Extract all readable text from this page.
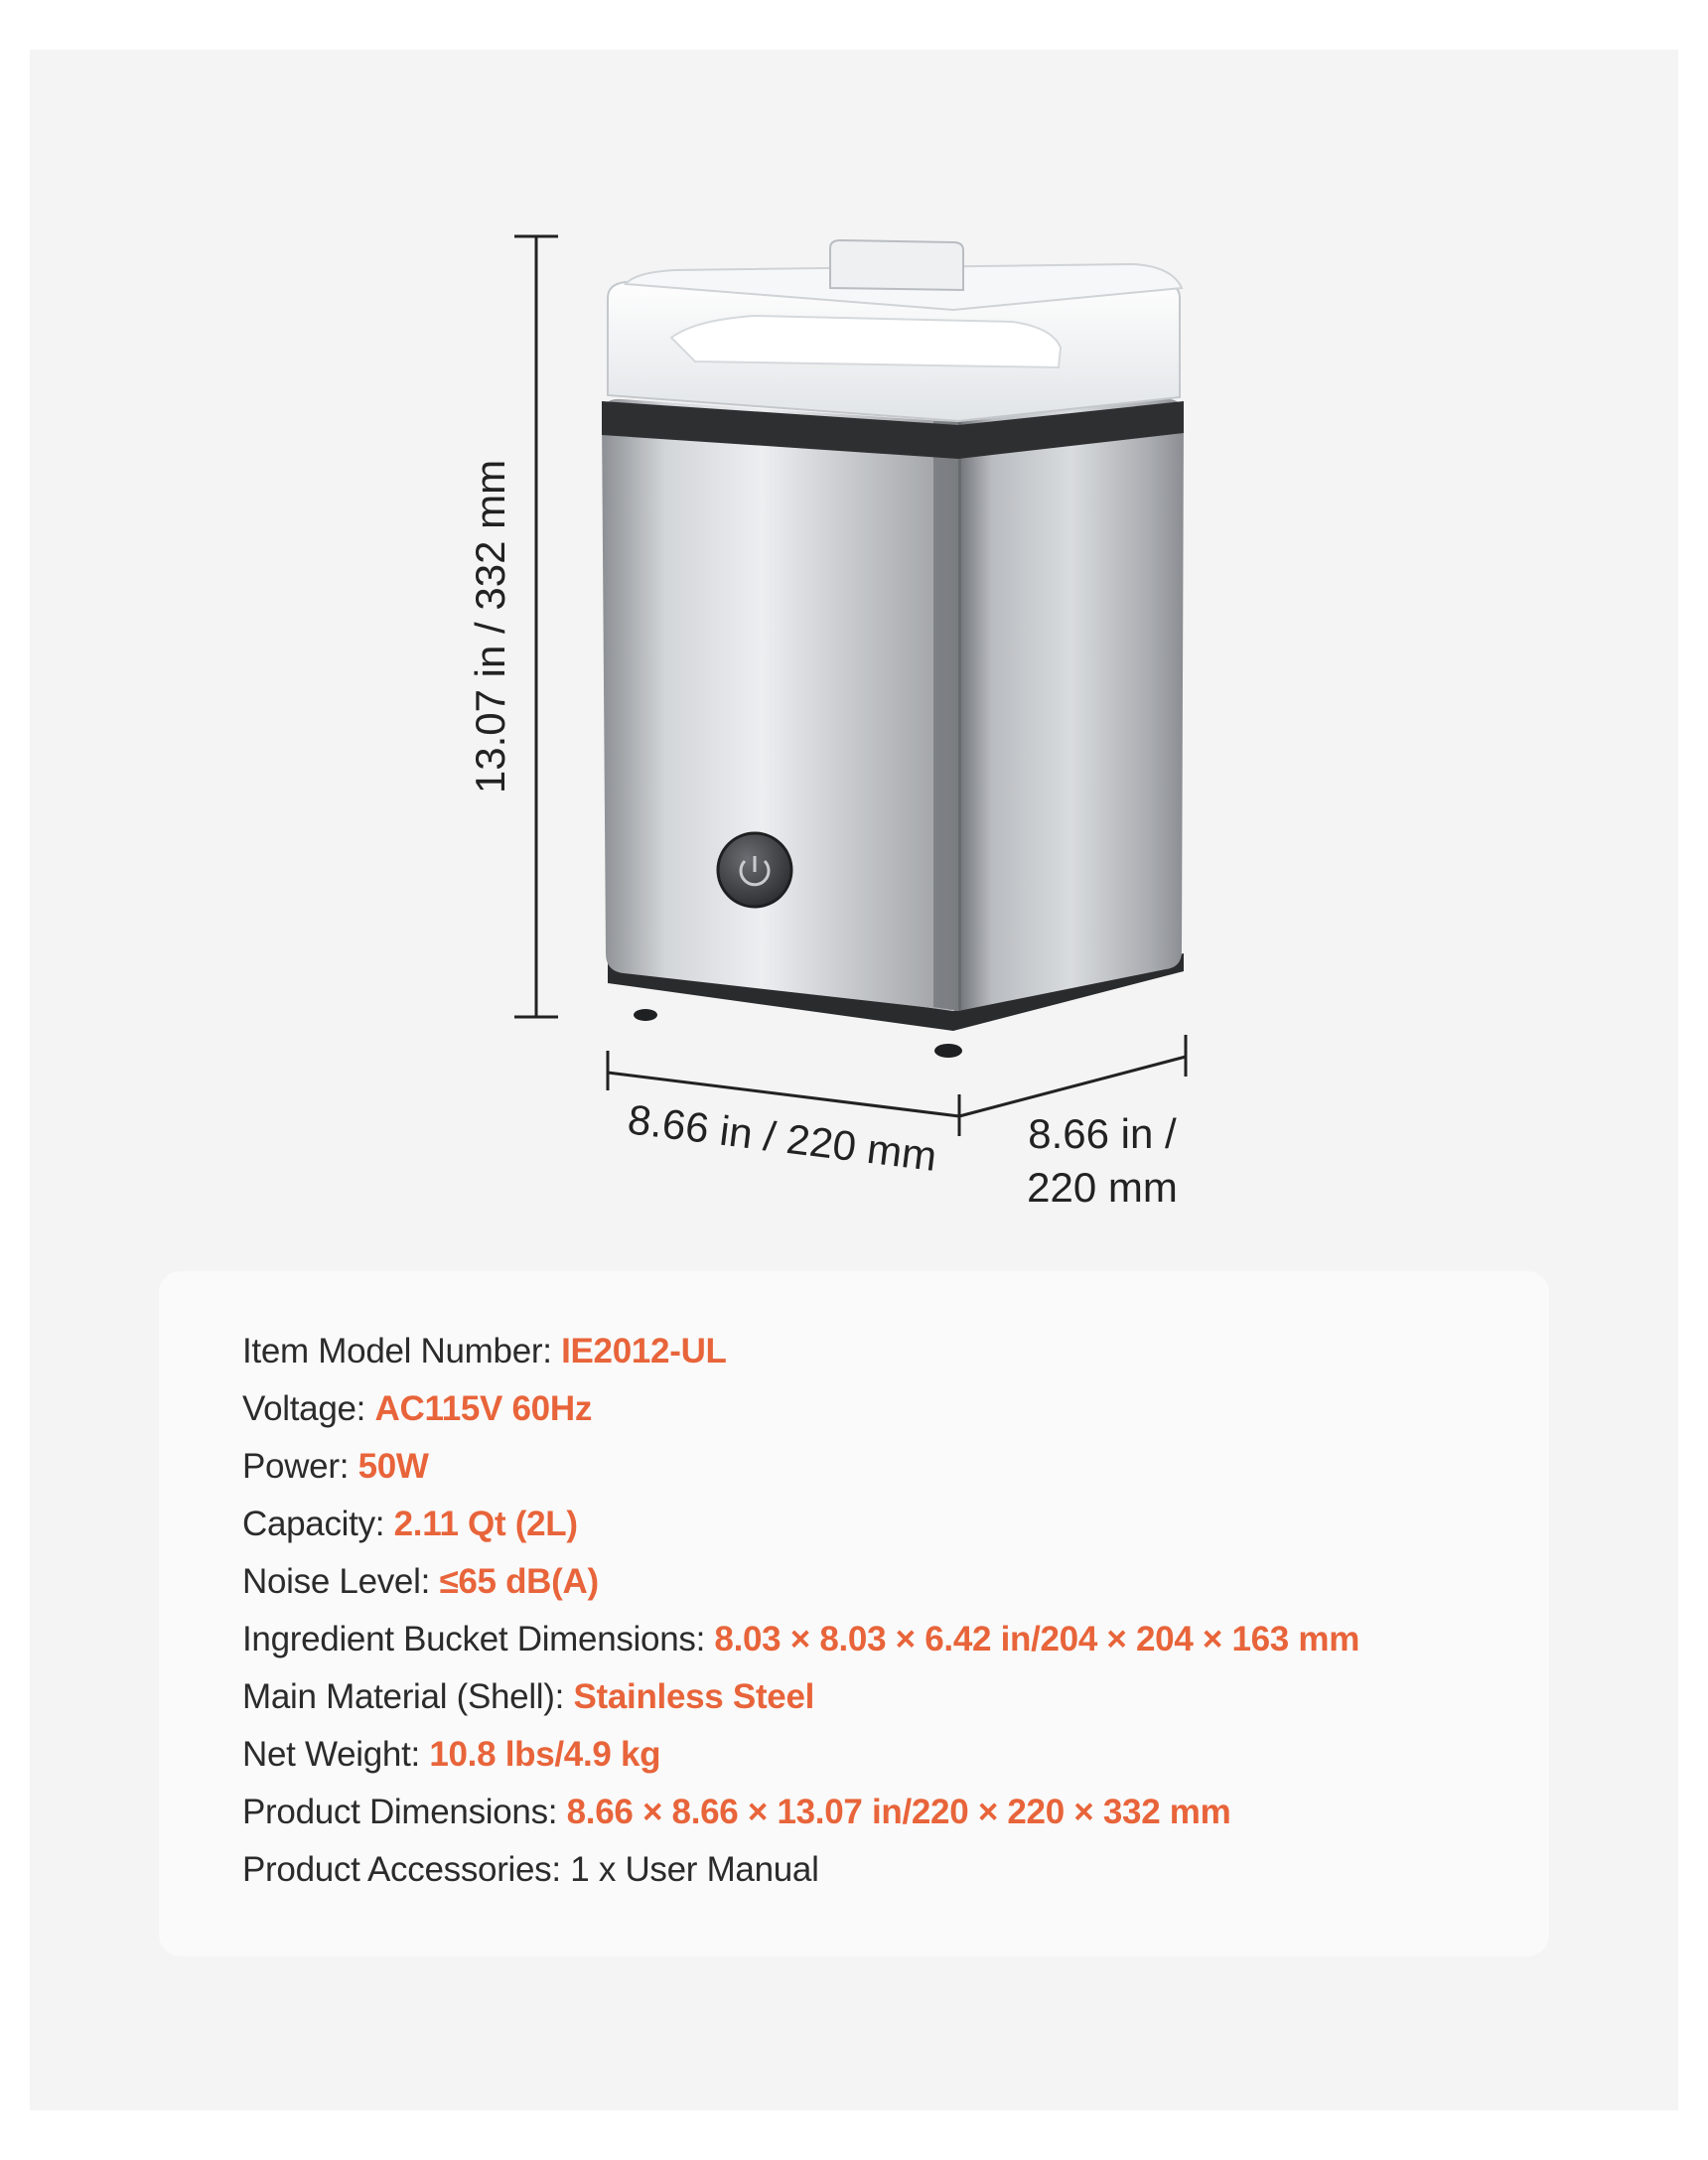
13.07 in / 332 mm
8.66 in / 220 mm 8.66 in /
220 mm
Item Model Number: IE2012-UL
Voltage: AC115V 60Hz
Power: 50W
Capacity: 2.11 Qt (2L)
Noise Level: ≤65 dB(A)
Ingredient Bucket Dimensions: 8.03 × 8.03 × 6.42 in/204 × 204 × 163 mm
Main Material (Shell): Stainless Steel
Net Weight: 10.8 lbs/4.9 kg
Product Dimensions: 8.66 × 8.66 × 13.07 in/220 × 220 × 332 mm
Product Accessories: 1 x User Manual
